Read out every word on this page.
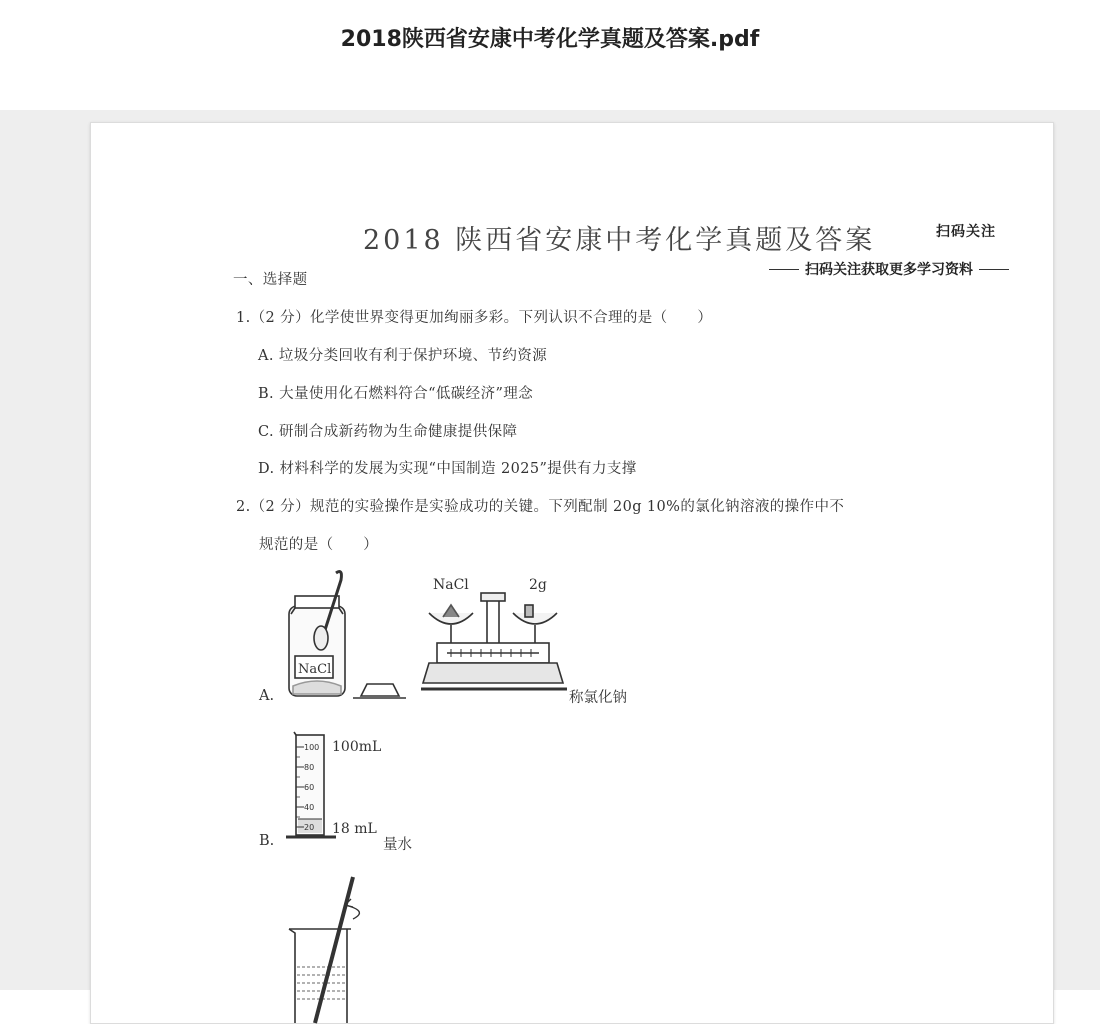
2018陕西省安康中考化学真题及答案.pdf
2018 陕西省安康中考化学真题及答案	扫码关注
扫码关注获取更多学习资料
一、选择题
1.（2 分）化学使世界变得更加绚丽多彩。下列认识不合理的是（　　）
A. 垃圾分类回收有利于保护环境、节约资源
B. 大量使用化石燃料符合“低碳经济”理念
C. 研制合成新药物为生命健康提供保障
D. 材料科学的发展为实现“中国制造 2025”提供有力支撑
2.（2 分）规范的实验操作是实验成功的关键。下列配制 20g 10%的氯化钠溶液的操作中不
规范的是（　　）
A.
NaCl
NaCl	2g
称氯化钠
B.
100
80
60
40
20
100mL
18 mL
量水
